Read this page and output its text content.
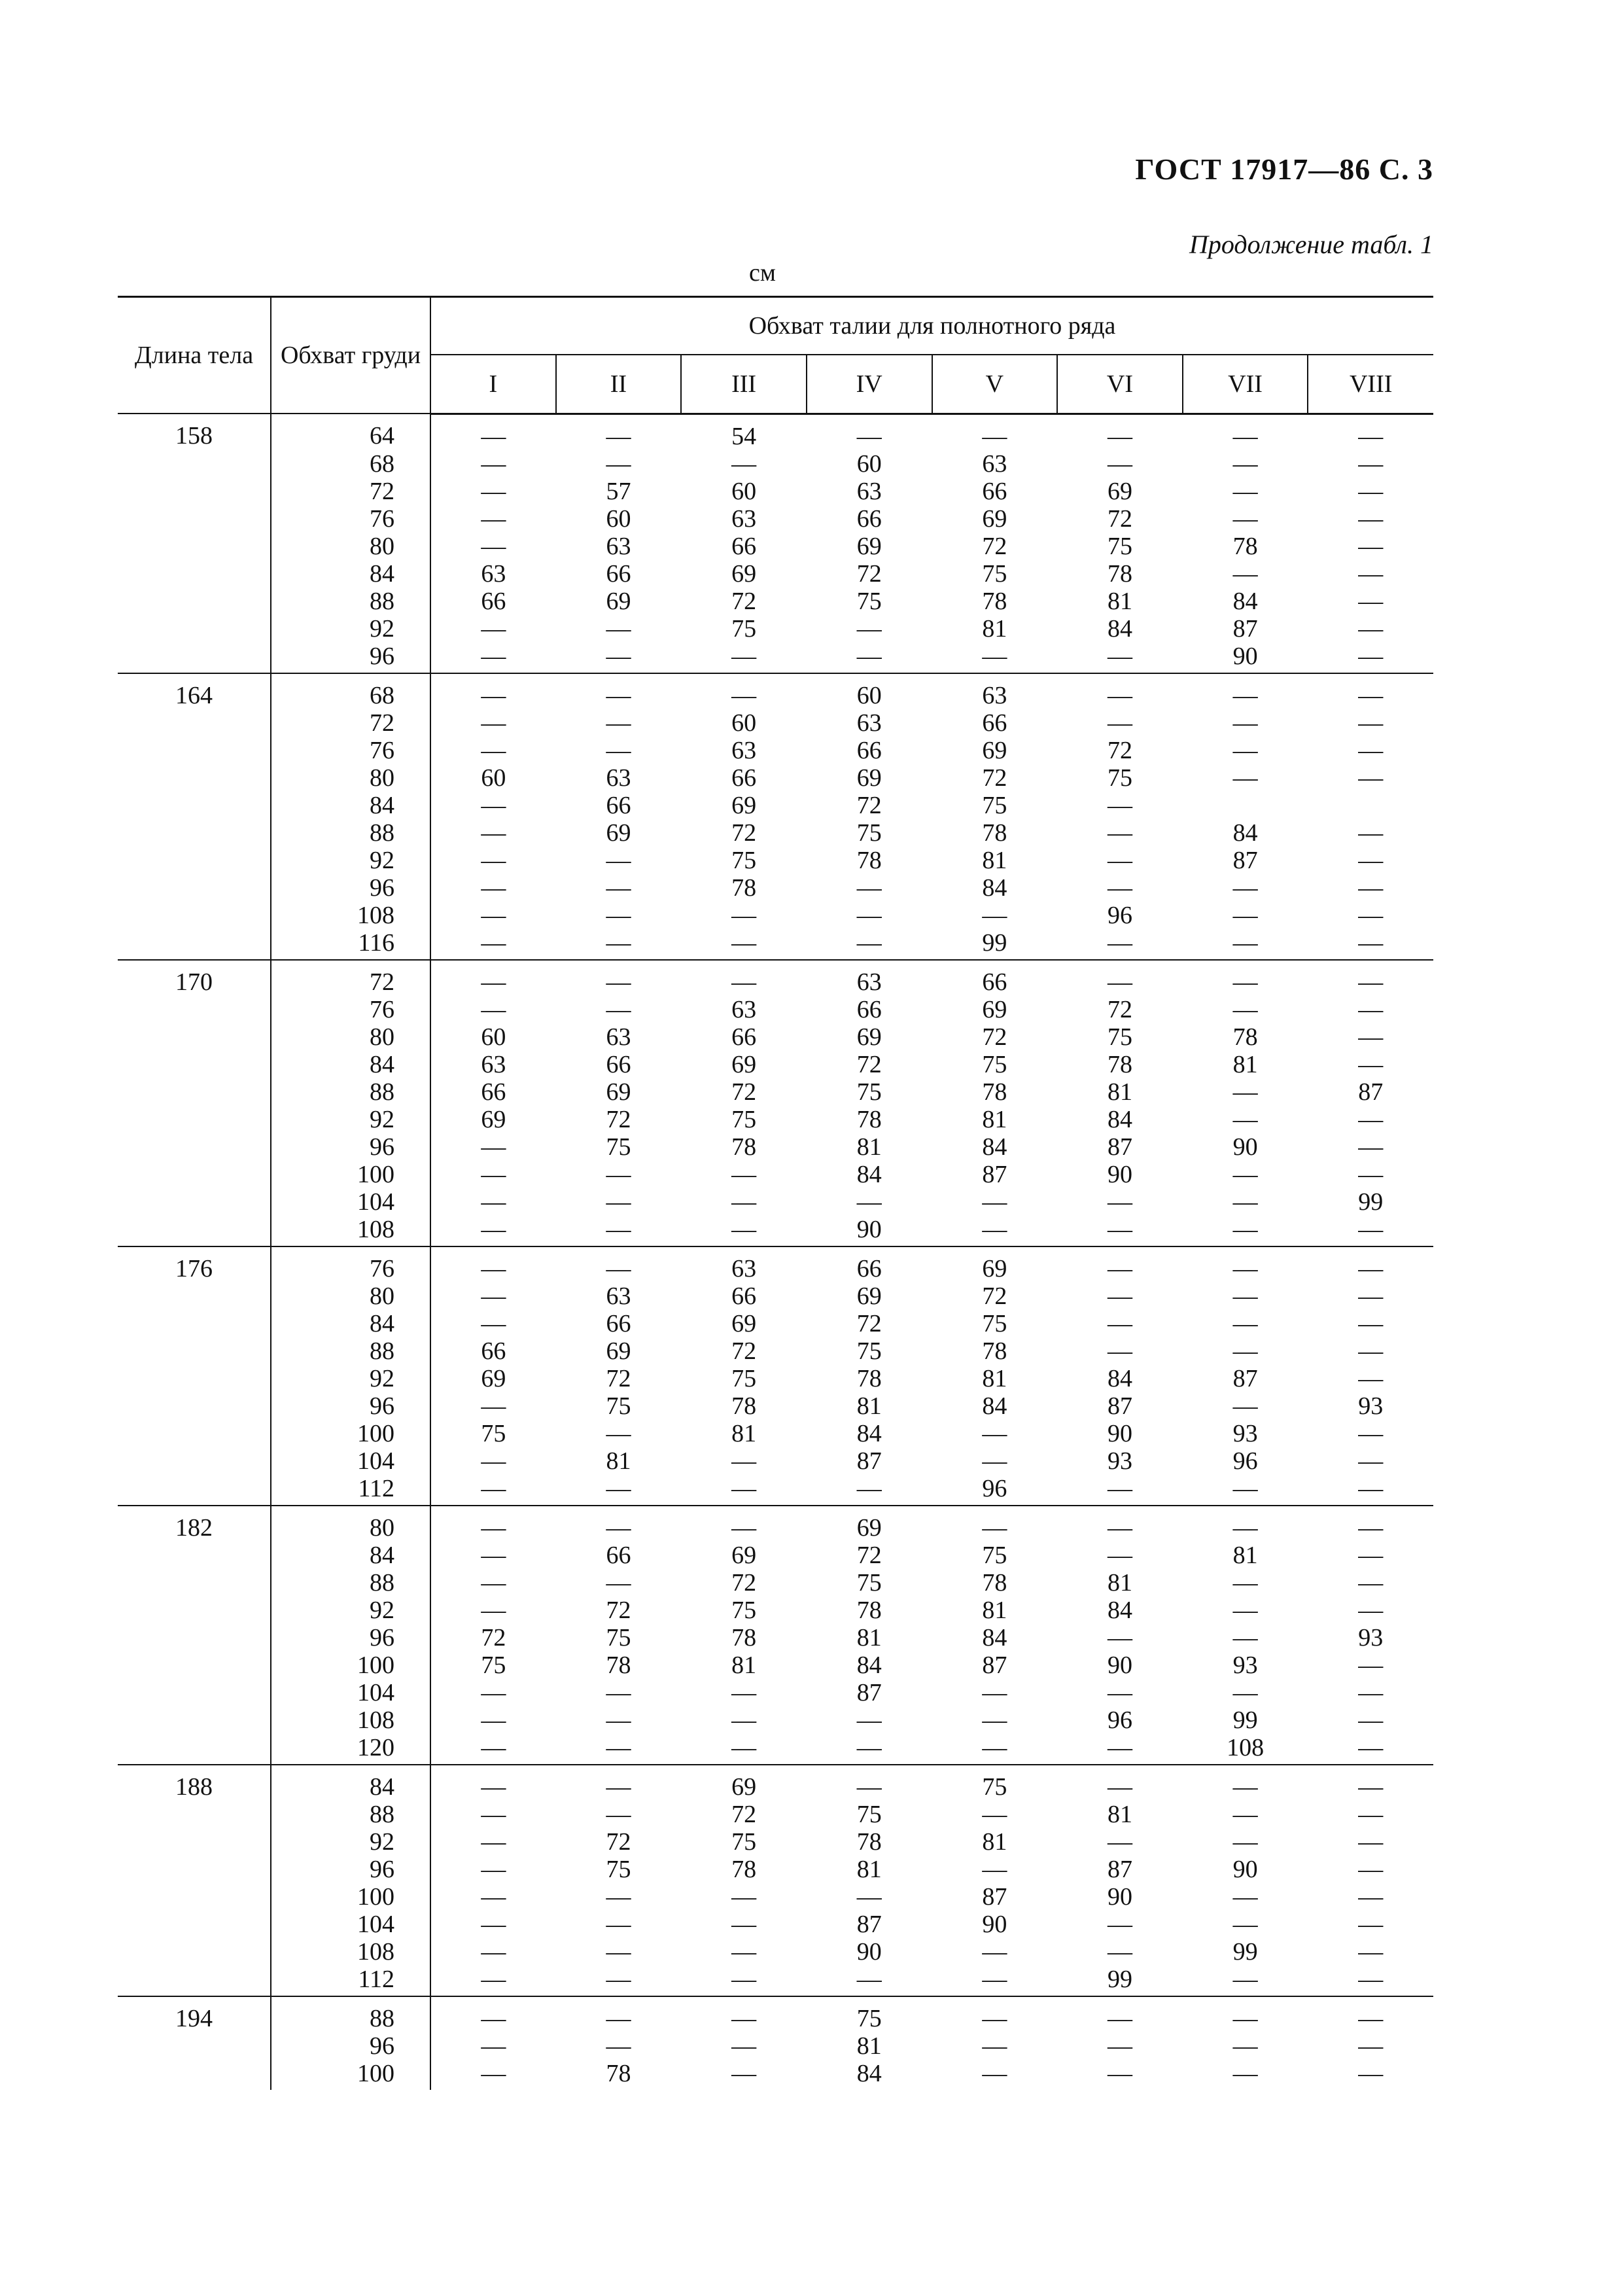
ГОСТ 17917—86 С. 3
Продолжение табл. 1
см
Длина тела	Обхват груди	Обхват талии для полнотного ряда							
		I	II	III	IV	V	VI	VII	VIII
158	64	—	—	54	—	—	—	—	—
	68	—	—	—	60	63	—	—	—
	72	—	57	60	63	66	69	—	—
	76	—	60	63	66	69	72	—	—
	80	—	63	66	69	72	75	78	—
	84	63	66	69	72	75	78	—	—
	88	66	69	72	75	78	81	84	—
	92	—	—	75	—	81	84	87	—
	96	—	—	—	—	—	—	90	—
164	68	—	—	—	60	63	—	—	—
	72	—	—	60	63	66	—	—	—
	76	—	—	63	66	69	72	—	—
	80	60	63	66	69	72	75	—	—
	84	—	66	69	72	75	—		
	88	—	69	72	75	78	—	84	—
	92	—	—	75	78	81	—	87	—
	96	—	—	78	—	84	—	—	—
	108	—	—	—	—	—	96	—	—
	116	—	—	—	—	99	—	—	—
170	72	—	—	—	63	66	—	—	—
	76	—	—	63	66	69	72	—	—
	80	60	63	66	69	72	75	78	—
	84	63	66	69	72	75	78	81	—
	88	66	69	72	75	78	81	—	87
	92	69	72	75	78	81	84	—	—
	96	—	75	78	81	84	87	90	—
	100	—	—	—	84	87	90	—	—
	104	—	—	—	—	—	—	—	99
	108	—	—	—	90	—	—	—	—
176	76	—	—	63	66	69	—	—	—
	80	—	63	66	69	72	—	—	—
	84	—	66	69	72	75	—	—	—
	88	66	69	72	75	78	—	—	—
	92	69	72	75	78	81	84	87	—
	96	—	75	78	81	84	87	—	93
	100	75	—	81	84	—	90	93	—
	104	—	81	—	87	—	93	96	—
	112	—	—	—	—	96	—	—	—
182	80	—	—	—	69	—	—	—	—
	84	—	66	69	72	75	—	81	—
	88	—	—	72	75	78	81	—	—
	92	—	72	75	78	81	84	—	—
	96	72	75	78	81	84	—	—	93
	100	75	78	81	84	87	90	93	—
	104	—	—	—	87	—	—	—	—
	108	—	—	—	—	—	96	99	—
	120	—	—	—	—	—	—	108	—
188	84	—	—	69	—	75	—	—	—
	88	—	—	72	75	—	81	—	—
	92	—	72	75	78	81	—	—	—
	96	—	75	78	81	—	87	90	—
	100	—	—	—	—	87	90	—	—
	104	—	—	—	87	90	—	—	—
	108	—	—	—	90	—	—	99	—
	112	—	—	—	—	—	99	—	—
194	88	—	—	—	75	—	—	—	—
	96	—	—	—	81	—	—	—	—
	100	—	78	—	84	—	—	—	—
